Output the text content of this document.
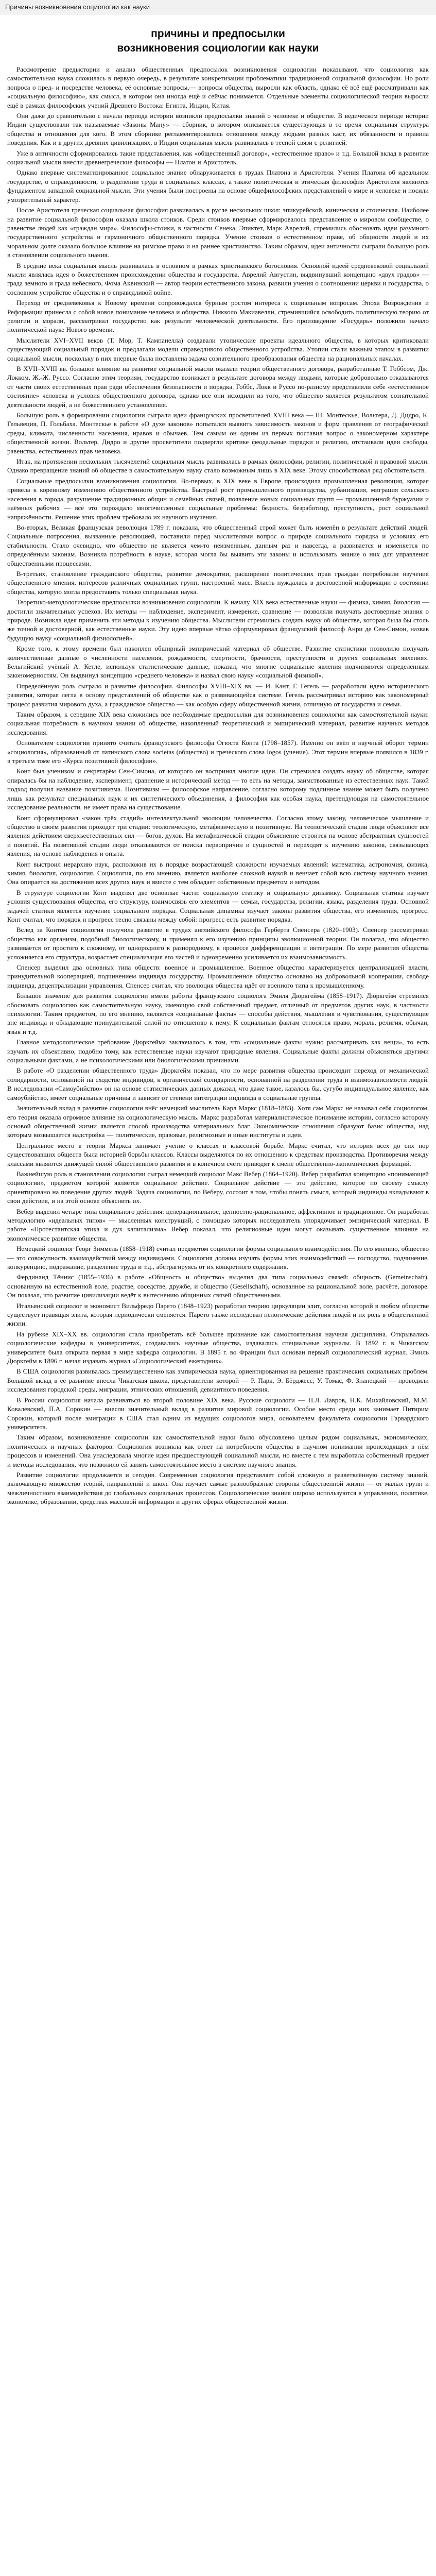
Причины возникновения социологии как науки
причины и предпосылки
возникновения социологии как науки

Рассмотрение предыстории и анализ общественных предпосылок возникновения социологии показывают, что социология как самостоятельная наука сложилась в первую очередь, в результате конкретизации проблематики традиционной социальной философии. Но роли вопроса о пред- и посредстве человека, её основные вопросы,— вопросы общества, выросли как область, однако её всё ещё рассматривали как «социальную философию», как смысл, в котором она иногда ещё и сейчас понимается. Отдельные элементы социологической теории выросли ещё в рамках философских учений Древнего Востока: Египта, Индии, Китая.

Они даже до сравнительно с начала периода истории возникли предпосылки знаний о человеке и обществе. В ведическом периоде истории Индии существовали так называемые «Законы Ману» — сборник, в котором описывается существующая в то время социальная структура общества и отношения для кого. В этом сборнике регламентировались отношения между людьми разных каст, их обязанности и правила поведения. Как и в других древних цивилизациях, в Индии социальная мысль развивалась в тесной связи с религией.

Уже в античности сформировались такие представления, как «общественный договор», «естественное право» и т.д. Большой вклад в развитие социальной мысли внесли древнегреческие философы — Платон и Аристотель.

Однако впервые систематизированное социальное знание обнаруживается в трудах Платона и Аристотеля. Учения Платона об идеальном государстве, о справедливости, о разделении труда и социальных классах, а также политическая и этическая философия Аристотеля являются фундаментом западной социальной мысли. Эти учения были построены на основе общефилософских представлений о мире и человеке и носили умозрительный характер.

После Аристотеля греческая социальная философия развивалась в русле нескольких школ: эпикурейской, киническая и стоическая. Наиболее на развитие социальной философии оказала школа стоиков. Среди стоиков впервые сформировалось представление о мировом сообществе, о равенстве людей как «граждан мира». Философы-стоики, в частности Сенека, Эпиктет, Марк Аврелий, стремились обосновать идеи разумного государственного устройства и гармоничного общественного порядка. Учение стоиков о естественном праве, об общности людей и их моральном долге оказало большое влияние на римское право и на раннее христианство. Таким образом, идеи античности сыграли большую роль в становлении социального знания.

В средние века социальная мысль развивалась в основном в рамках христианского богословия. Основной идеей средневековой социальной мысли являлась идея о божественном происхождении общества и государства. Аврелий Августин, выдвинувший концепцию «двух градов» — града земного и града небесного, Фома Аквинский — автор теории естественного закона, развили учения о соотношении церкви и государства, о сословном устройстве общества и о справедливой войне.

Переход от средневековья к Новому времени сопровождался бурным ростом интереса к социальным вопросам. Эпоха Возрождения и Реформации принесла с собой новое понимание человека и общества. Никколо Макиавелли, стремившийся освободить политическую теорию от религии и морали, рассматривал государство как результат человеческой деятельности. Его произведение «Государь» положило начало политической науке Нового времени.

Мыслители XVI–XVII веков (Т. Мор, Т. Кампанелла) создавали утопические проекты идеального общества, в которых критиковали существующий социальный порядок и предлагали модели справедливого общественного устройства. Утопии стали важным этапом в развитии социальной мысли, поскольку в них впервые была поставлена задача сознательного преобразования общества на рациональных началах.

В XVII–XVIII вв. большое влияние на развитие социальной мысли оказали теории общественного договора, разработанные Т. Гоббсом, Дж. Локком, Ж.-Ж. Руссо. Согласно этим теориям, государство возникает в результате договора между людьми, которые добровольно отказываются от части своих естественных прав ради обеспечения безопасности и порядка. Гоббс, Локк и Руссо по-разному представляли себе «естественное состояние» человека и условия общественного договора, однако все они исходили из того, что общество является результатом сознательной деятельности людей, а не божественного установления.

Большую роль в формировании социологии сыграли идеи французских просветителей XVIII века — Ш. Монтескье, Вольтера, Д. Дидро, К. Гельвеция, П. Гольбаха. Монтескье в работе «О духе законов» попытался выявить зависимость законов и форм правления от географической среды, климата, численности населения, нравов и обычаев. Тем самым он одним из первых поставил вопрос о закономерном характере общественной жизни. Вольтер, Дидро и другие просветители подвергли критике феодальные порядки и религию, отстаивали идеи свободы, равенства, естественных прав человека.

Итак, на протяжении нескольких тысячелетий социальная мысль развивалась в рамках философии, религии, политической и правовой мысли. Однако превращение знаний об обществе в самостоятельную науку стало возможным лишь в XIX веке. Этому способствовал ряд обстоятельств.

Социальные предпосылки возникновения социологии. Во-первых, в XIX веке в Европе происходила промышленная революция, которая привела к коренному изменению общественного устройства. Быстрый рост промышленного производства, урбанизация, миграция сельского населения в города, разрушение традиционных общин и семейных связей, появление новых социальных групп — промышленной буржуазии и наёмных рабочих — всё это порождало многочисленные социальные проблемы: бедность, безработицу, преступность, рост социальной напряжённости. Решение этих проблем требовало их научного изучения.

Во-вторых, Великая французская революция 1789 г. показала, что общественный строй может быть изменён в результате действий людей. Социальные потрясения, вызванные революцией, поставили перед мыслителями вопрос о природе социального порядка и условиях его стабильности. Стало очевидно, что общество не является чем-то неизменным, данным раз и навсегда, а развивается и изменяется по определённым законам. Возникла потребность в науке, которая могла бы выявить эти законы и использовать знание о них для управления общественными процессами.

В-третьих, становление гражданского общества, развитие демократии, расширение политических прав граждан потребовали изучения общественного мнения, интересов различных социальных групп, настроений масс. Власть нуждалась в достоверной информации о состоянии общества, которую могла предоставить только специальная наука.

Теоретико-методологические предпосылки возникновения социологии. К началу XIX века естественные науки — физика, химия, биология — достигли значительных успехов. Их методы — наблюдение, эксперимент, измерение, сравнение — позволяли получать достоверные знания о природе. Возникла идея применить эти методы к изучению общества. Мыслители стремились создать науку об обществе, которая была бы столь же точной и достоверной, как естественные науки. Эту идею впервые чётко сформулировал французский философ Анри де Сен-Симон, назвав будущую науку «социальной физиологией».

Кроме того, к этому времени был накоплен обширный эмпирический материал об обществе. Развитие статистики позволило получать количественные данные о численности населения, рождаемости, смертности, брачности, преступности и других социальных явлениях. Бельгийский учёный А. Кетле, используя статистические данные, показал, что многие социальные явления подчиняются определённым закономерностям. Он выдвинул концепцию «среднего человека» и назвал свою науку «социальной физикой».

Определённую роль сыграло и развитие философии. Философы XVIII–XIX вв. — И. Кант, Г. Гегель — разработали идею исторического развития, которая легла в основу представлений об обществе как о развивающейся системе. Гегель рассматривал историю как закономерный процесс развития мирового духа, а гражданское общество — как особую сферу общественной жизни, отличную от государства и семьи.

Таким образом, к середине XIX века сложились все необходимые предпосылки для возникновения социологии как самостоятельной науки: социальная потребность в научном знании об обществе, накопленный теоретический и эмпирический материал, развитие научных методов исследования.

Основателем социологии принято считать французского философа Огюста Конта (1798–1857). Именно он ввёл в научный оборот термин «социология», образованный от латинского слова societas (общество) и греческого слова logos (учение). Этот термин впервые появился в 1839 г. в третьем томе его «Курса позитивной философии».

Конт был учеником и секретарём Сен-Симона, от которого он воспринял многие идеи. Он стремился создать науку об обществе, которая опиралась бы на наблюдение, эксперимент, сравнение и исторический метод — то есть на методы, заимствованные из естественных наук. Такой подход получил название позитивизма. Позитивизм — философское направление, согласно которому подлинное знание может быть получено лишь как результат специальных наук и их синтетического объединения, а философия как особая наука, претендующая на самостоятельное исследование реальности, не имеет права на существование.

Конт сформулировал «закон трёх стадий» интеллектуальной эволюции человечества. Согласно этому закону, человеческое мышление и общество в своём развитии проходят три стадии: теологическую, метафизическую и позитивную. На теологической стадии люди объясняют все явления действием сверхъестественных сил — богов, духов. На метафизической стадии объяснение строится на основе абстрактных сущностей и понятий. На позитивной стадии люди отказываются от поиска первопричин и сущностей и переходят к изучению законов, связывающих явления, на основе наблюдения и опыта.

Конт выстроил иерархию наук, расположив их в порядке возрастающей сложности изучаемых явлений: математика, астрономия, физика, химия, биология, социология. Социология, по его мнению, является наиболее сложной наукой и венчает собой всю систему научного знания. Она опирается на достижения всех других наук и вместе с тем обладает собственным предметом и методом.

В структуре социологии Конт выделял две основные части: социальную статику и социальную динамику. Социальная статика изучает условия существования общества, его структуру, взаимосвязь его элементов — семьи, государства, религии, языка, разделения труда. Основной задачей статики является изучение социального порядка. Социальная динамика изучает законы развития общества, его изменения, прогресс. Конт считал, что порядок и прогресс тесно связаны между собой: прогресс есть развитие порядка.

Вслед за Контом социология получила развитие в трудах английского философа Герберта Спенсера (1820–1903). Спенсер рассматривал общество как организм, подобный биологическому, и применял к его изучению принципы эволюционной теории. Он полагал, что общество развивается от простого к сложному, от однородного к разнородному, в процессе дифференциации и интеграции. По мере развития общества усложняется его структура, возрастает специализация его частей и одновременно усиливается их взаимозависимость.

Спенсер выделил два основных типа обществ: военное и промышленное. Военное общество характеризуется централизацией власти, принудительной кооперацией, подчинением индивида государству. Промышленное общество основано на добровольной кооперации, свободе индивида, децентрализации управления. Спенсер считал, что эволюция общества идёт от военного типа к промышленному.

Большое значение для развития социологии имели работы французского социолога Эмиля Дюркгейма (1858–1917). Дюркгейм стремился обосновать социологию как самостоятельную науку, имеющую свой собственный предмет, отличный от предметов других наук, в частности психологии. Таким предметом, по его мнению, являются «социальные факты» — способы действия, мышления и чувствования, существующие вне индивида и обладающие принудительной силой по отношению к нему. К социальным фактам относятся право, мораль, религия, обычаи, язык и т.д.

Главное методологическое требование Дюркгейма заключалось в том, что «социальные факты нужно рассматривать как вещи», то есть изучать их объективно, подобно тому, как естественные науки изучают природные явления. Социальные факты должны объясняться другими социальными фактами, а не психологическими или биологическими причинами.

В работе «О разделении общественного труда» Дюркгейм показал, что по мере развития общества происходит переход от механической солидарности, основанной на сходстве индивидов, к органической солидарности, основанной на разделении труда и взаимозависимости людей. В исследовании «Самоубийство» он на основе статистических данных доказал, что даже такое, казалось бы, сугубо индивидуальное явление, как самоубийство, имеет социальные причины и зависит от степени интеграции индивида в социальные группы.

Значительный вклад в развитие социологии внёс немецкий мыслитель Карл Маркс (1818–1883). Хотя сам Маркс не называл себя социологом, его теория оказала огромное влияние на социологическую мысль. Маркс разработал материалистическое понимание истории, согласно которому основой общественной жизни является способ производства материальных благ. Экономические отношения образуют базис общества, над которым возвышается надстройка — политические, правовые, религиозные и иные институты и идеи.

Центральное место в теории Маркса занимает учение о классах и классовой борьбе. Маркс считал, что история всех до сих пор существовавших обществ была историей борьбы классов. Классы выделяются по их отношению к средствам производства. Противоречия между классами являются движущей силой общественного развития и в конечном счёте приводят к смене общественно-экономических формаций.

Важнейшую роль в становлении социологии сыграл немецкий социолог Макс Вебер (1864–1920). Вебер разработал концепцию «понимающей социологии», предметом которой является социальное действие. Социальное действие — это действие, которое по своему смыслу ориентировано на поведение других людей. Задача социологии, по Веберу, состоит в том, чтобы понять смысл, который индивиды вкладывают в свои действия, и на этой основе объяснить их.

Вебер выделил четыре типа социального действия: целерациональное, ценностно-рациональное, аффективное и традиционное. Он разработал методологию «идеальных типов» — мысленных конструкций, с помощью которых исследователь упорядочивает эмпирический материал. В работе «Протестантская этика и дух капитализма» Вебер показал, что религиозные идеи могут оказывать существенное влияние на экономическое развитие общества.

Немецкий социолог Георг Зиммель (1858–1918) считал предметом социологии формы социального взаимодействия. По его мнению, общество — это совокупность взаимодействий между индивидами. Социология должна изучать формы этих взаимодействий — господство, подчинение, конкуренцию, подражание, разделение труда и т.д., абстрагируясь от их конкретного содержания.

Фердинанд Тённис (1855–1936) в работе «Общность и общество» выделил два типа социальных связей: общность (Gemeinschaft), основанную на естественной воле, родстве, соседстве, дружбе, и общество (Gesellschaft), основанное на рациональной воле, расчёте, договоре. Он показал, что развитие цивилизации ведёт к вытеснению общинных связей общественными.

Итальянский социолог и экономист Вильфредо Парето (1848–1923) разработал теорию циркуляции элит, согласно которой в любом обществе существует правящая элита, которая периодически сменяется. Парето также исследовал нелогические действия людей и их роль в общественной жизни.

На рубеже XIX–XX вв. социология стала приобретать всё большее признание как самостоятельная научная дисциплина. Открывались социологические кафедры в университетах, создавались научные общества, издавались специальные журналы. В 1892 г. в Чикагском университете была открыта первая в мире кафедра социологии. В 1895 г. во Франции был основан первый социологический журнал. Эмиль Дюркгейм в 1896 г. начал издавать журнал «Социологический ежегодник».

В США социология развивалась преимущественно как эмпирическая наука, ориентированная на решение практических социальных проблем. Большой вклад в её развитие внесла Чикагская школа, представители которой — Р. Парк, Э. Бёрджесс, У. Томас, Ф. Знанецкий — проводили исследования городской среды, миграции, этнических отношений, девиантного поведения.

В России социология начала развиваться во второй половине XIX века. Русские социологи — П.Л. Лавров, Н.К. Михайловский, М.М. Ковалевский, П.А. Сорокин — внесли значительный вклад в развитие мировой социологии. Особое место среди них занимает Питирим Сорокин, который после эмиграции в США стал одним из ведущих социологов мира, основателем факультета социологии Гарвардского университета.

Таким образом, возникновение социологии как самостоятельной науки было обусловлено целым рядом социальных, экономических, политических и научных факторов. Социология возникла как ответ на потребности общества в научном понимании происходящих в нём процессов и изменений. Она унаследовала многие идеи предшествующей социальной мысли, но вместе с тем выработала собственный предмет и методы исследования, что позволило ей занять самостоятельное место в системе научного знания.

Развитие социологии продолжается и сегодня. Современная социология представляет собой сложную и разветвлённую систему знаний, включающую множество теорий, направлений и школ. Она изучает самые разнообразные стороны общественной жизни — от малых групп и межличностного взаимодействия до глобальных социальных процессов. Социологические знания широко используются в управлении, политике, экономике, образовании, средствах массовой информации и других сферах общественной жизни.
